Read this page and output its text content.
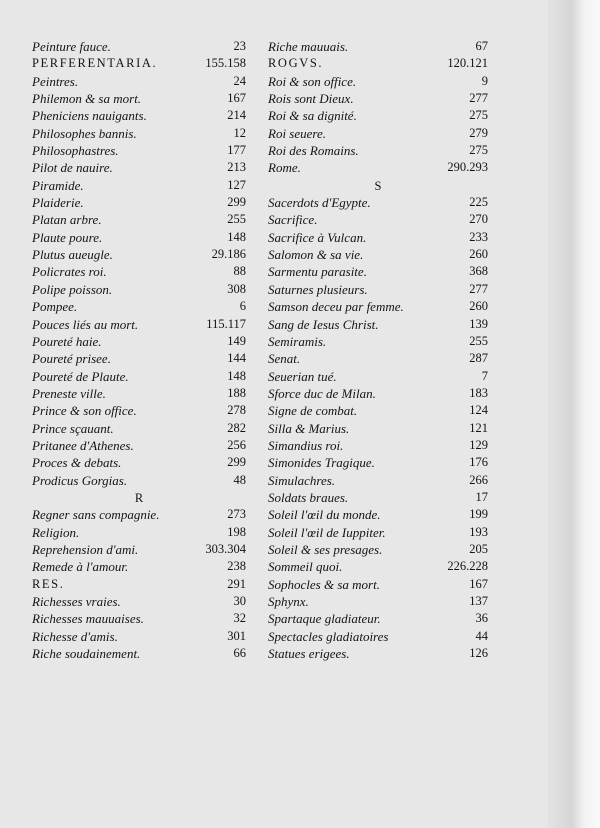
Peinture fauce.	23
PERFERENTARIA.	155.158
Peintres.	24
Philemon & sa mort.	167
Pheniciens nauigants.	214
Philosophes bannis.	12
Philosophastres.	177
Pilot de nauire.	213
Piramide.	127
Plaiderie.	299
Platan arbre.	255
Plaute poure.	148
Plutus aueugle.	29.186
Policrates roi.	88
Polipe poisson.	308
Pompee.	6
Pouces liés au mort.	115.117
Poureté haie.	149
Poureté prisee.	144
Poureté de Plaute.	148
Preneste ville.	188
Prince & son office.	278
Prince sçauant.	282
Pritanee d'Athenes.	256
Proces & debats.	299
Prodicus Gorgias.	48
R
Regner sans compagnie.	273
Religion.	198
Reprehension d'ami.	303.304
Remede à l'amour.	238
RES.	291
Richesses vraies.	30
Richesses mauuaises.	32
Richesse d'amis.	301
Riche soudainement.	66
Riche mauuais.	67
ROGVS.	120.121
Roi & son office.	9
Rois sont Dieux.	277
Roi & sa dignité.	275
Roi seuere.	279
Roi des Romains.	275
Rome.	290.293
S
Sacerdots d'Egypte.	225
Sacrifice.	270
Sacrifice à Vulcan.	233
Salomon & sa vie.	260
Sarmentu parasite.	368
Saturnes plusieurs.	277
Samson deceu par femme.	260
Sang de Iesus Christ.	139
Semiramis.	255
Senat.	287
Seuerian tué.	7
Sforce duc de Milan.	183
Signe de combat.	124
Silla & Marius.	121
Simandius roi.	129
Simonides Tragique.	176
Simulachres.	266
Soldats braues.	17
Soleil l'œil du monde.	199
Soleil l'œil de Iuppiter.	193
Soleil & ses presages.	205
Sommeil quoi.	226.228
Sophocles & sa mort.	167
Sphynx.	137
Spartaque gladiateur.	36
Spectacles gladiatoires	44
Statues erigees.	126
